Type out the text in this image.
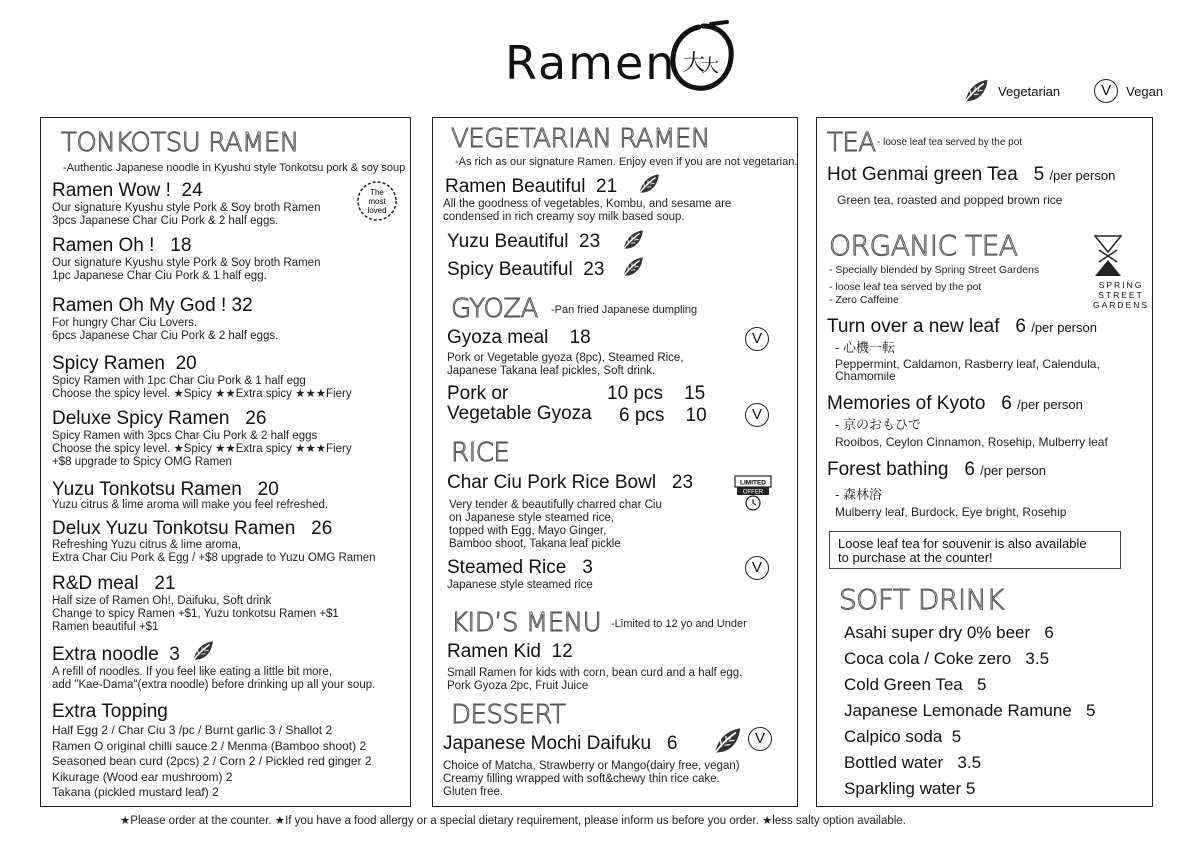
Ramen 大
大
Vegetarian	V	Vegan
TONKOTSU RAMEN
-Authentic Japanese noodle in Kyushu style Tonkotsu pork & soy soup
The
most
loved
Ramen Wow ! 24
Our signature Kyushu style Pork & Soy broth Ramen
3pcs Japanese Char Ciu Pork & 2 half eggs.
Ramen Oh ! 18
Our signature Kyushu style Pork & Soy broth Ramen
1pc Japanese Char Ciu Pork & 1 half egg.
Ramen Oh My God ! 32
For hungry Char Ciu Lovers.
6pcs Japanese Char Ciu Pork & 2 half eggs.
Spicy Ramen 20
Spicy Ramen with 1pc Char Ciu Pork & 1 half egg
Choose the spicy level. ★Spicy ★★Extra spicy ★★★Fiery
Deluxe Spicy Ramen 26
Spicy Ramen with 3pcs Char Ciu Pork & 2 half eggs
Choose the spicy level. ★Spicy ★★Extra spicy ★★★Fiery
+$8 upgrade to Spicy OMG Ramen
Yuzu Tonkotsu Ramen 20
Yuzu citrus & lime aroma will make you feel refreshed.
Delux Yuzu Tonkotsu Ramen 26
Refreshing Yuzu citrus & lime aroma,
Extra Char Ciu Pork & Egg / +$8 upgrade to Yuzu OMG Ramen
R&D meal 21
Half size of Ramen Oh!, Daifuku, Soft drink
Change to spicy Ramen +$1, Yuzu tonkotsu Ramen +$1
Ramen beautiful +$1
Extra noodle 3
A refill of noodles. If you feel like eating a little bit more,
add "Kae-Dama"(extra noodle) before drinking up all your soup.
Extra Topping
Half Egg 2 / Char Ciu 3 /pc / Burnt garlic 3 / Shallot 2
Ramen O original chilli sauce 2 / Menma (Bamboo shoot) 2
Seasoned bean curd (2pcs) 2 / Corn 2 / Pickled red ginger 2
Kikurage (Wood ear mushroom) 2
Takana (pickled mustard leaf) 2
VEGETARIAN RAMEN
-As rich as our signature Ramen. Enjoy even if you are not vegetarian.
Ramen Beautiful 21
All the goodness of vegetables, Kombu, and sesame are
condensed in rich creamy soy milk based soup.
Yuzu Beautiful 23
Spicy Beautiful 23
GYOZA -Pan fried Japanese dumpling
Gyoza meal 18	V
Pork or Vegetable gyoza (8pc), Steamed Rice,
Japanese Takana leaf pickles, Soft drink.
Pork or
Vegetable Gyoza
10 pcs 15
6 pcs 10	V
RICE
Char Ciu Pork Rice Bowl 23	LIMITED
OFFER
Very tender & beautifully charred char Ciu
on Japanese style steamed rice,
topped with Egg, Mayo Ginger,
Bamboo shoot, Takana leaf pickle
Steamed Rice 3	V
Japanese style steamed rice
KID’S MENU -Limited to 12 yo and Under
Ramen Kid 12
Small Ramen for kids with corn, bean curd and a half egg.
Pork Gyoza 2pc, Fruit Juice
DESSERT
Japanese Mochi Daifuku 6	V
Choice of Matcha, Strawberry or Mango(dairy free, vegan)
Creamy filling wrapped with soft&chewy thin rice cake.
Gluten free.
TEA - loose leaf tea served by the pot
Hot Genmai green Tea 5 /per person
Green tea, roasted and popped brown rice
ORGANIC TEA
- Specially blended by Spring Street Gardens
- loose leaf tea served by the pot
- Zero Caffeine
SPRING
STREET
GARDENS
Turn over a new leaf 6 /per person
- 心機一転
Peppermint, Caldamon, Rasberry leaf, Calendula,
Chamomile
Memories of Kyoto 6 /per person
- 京のおもひで
Rooibos, Ceylon Cinnamon, Rosehip, Mulberry leaf
Forest bathing 6 /per person
- 森林浴
Mulberry leaf, Burdock, Eye bright, Rosehip
SOFT DRINK
Asahi super dry 0% beer 6
Coca cola / Coke zero 3.5
Cold Green Tea 5
Japanese Lemonade Ramune 5
Calpico soda 5
Bottled water 3.5
Sparkling water 5
Loose leaf tea for souvenir is also available
to purchase at the counter!
★Please order at the counter. ★If you have a food allergy or a special dietary requirement, please inform us before you order. ★less salty option available.
